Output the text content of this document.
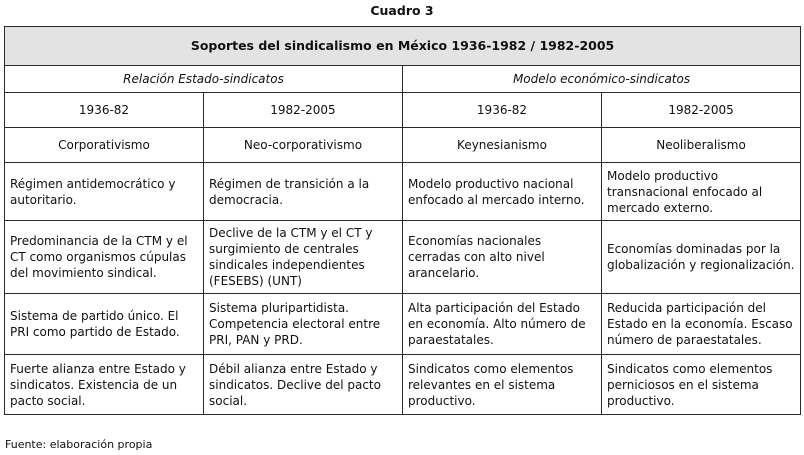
Cuadro 3
Soportes del sindicalismo en México 1936-1982 / 1982-2005			
Relación Estado-sindicatos		Modelo económico-sindicatos	
1936-82	1982-2005	1936-82	1982-2005
Corporativismo	Neo-corporativismo	Keynesianismo	Neoliberalismo
Régimen antidemocrático y autoritario.	Régimen de transición a la democracia.	Modelo productivo nacional enfocado al mercado interno.	Modelo productivo transnacional enfocado al mercado externo.
Predominancia de la CTM y el CT como organismos cúpulas del movimiento sindical.	Declive de la CTM y el CT y surgimiento de centrales sindicales independientes (FESEBS) (UNT)	Economías nacionales cerradas con alto nivel arancelario.	Economías dominadas por la globalización y regionalización.
Sistema de partido único. El PRI como partido de Estado.	Sistema pluripartidista. Competencia electoral entre PRI, PAN y PRD.	Alta participación del Estado en economía. Alto número de paraestatales.	Reducida participación del Estado en la economía. Escaso número de paraestatales.
Fuerte alianza entre Estado y sindicatos. Existencia de un pacto social.	Débil alianza entre Estado y sindicatos. Declive del pacto social.	Sindicatos como elementos relevantes en el sistema productivo.	Sindicatos como elementos perniciosos en el sistema productivo.
Fuente: elaboración propia
